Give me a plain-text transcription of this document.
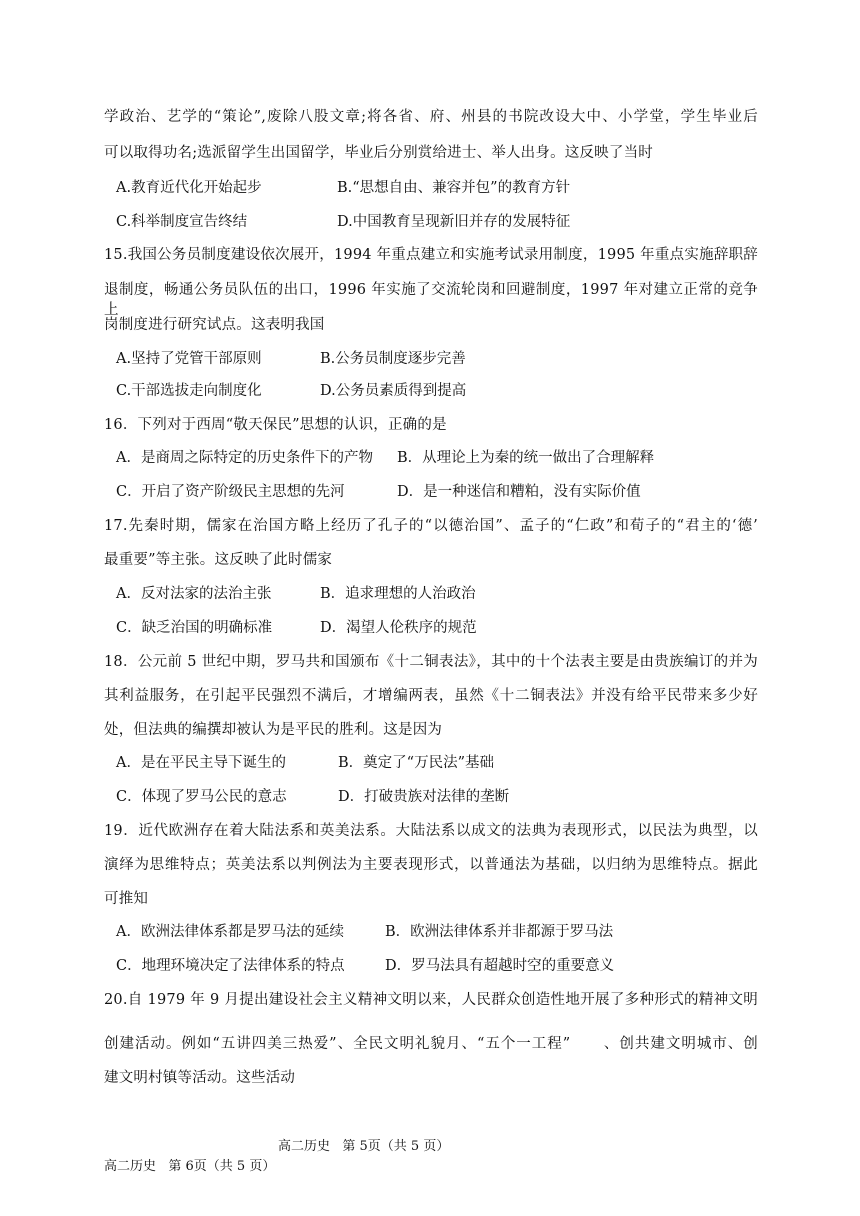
学政治、艺学的“策论”,废除八股文章;将各省、府、州县的书院改设大中、小学堂，学生毕业后
可以取得功名;选派留学生出国留学，毕业后分别赏给进士、举人出身。这反映了当时
A.教育近代化开始起步	B.“思想自由、兼容并包”的教育方针
C.科举制度宣告终结	D.中国教育呈现新旧并存的发展特征
15.我国公务员制度建设依次展开，1994 年重点建立和实施考试录用制度，1995 年重点实施辞职辞
退制度，畅通公务员队伍的出口，1996 年实施了交流轮岗和回避制度，1997 年对建立正常的竞争上
岗制度进行研究试点。这表明我国
A.坚持了党管干部原则	B.公务员制度逐步完善
C.干部选拔走向制度化	D.公务员素质得到提高
16．下列对于西周“敬天保民”思想的认识，正确的是
A．是商周之际特定的历史条件下的产物 B．从理论上为秦的统一做出了合理解释
C．开启了资产阶级民主思想的先河	D．是一种迷信和糟粕，没有实际价值
17.先秦时期，儒家在治国方略上经历了孔子的“以德治国”、孟子的“仁政”和荀子的“君主的‘德’
最重要”等主张。这反映了此时儒家
A．反对法家的法治主张	B．追求理想的人治政治
C．缺乏治国的明确标准	D．渴望人伦秩序的规范
18．公元前 5 世纪中期，罗马共和国颁布《十二铜表法》，其中的十个法表主要是由贵族编订的并为
其利益服务，在引起平民强烈不满后，才增编两表，虽然《十二铜表法》并没有给平民带来多少好
处，但法典的编撰却被认为是平民的胜利。这是因为
A．是在平民主导下诞生的	B．奠定了“万民法”基础
C．体现了罗马公民的意志	D．打破贵族对法律的垄断
19．近代欧洲存在着大陆法系和英美法系。大陆法系以成文的法典为表现形式，以民法为典型，以
演绎为思维特点；英美法系以判例法为主要表现形式，以普通法为基础，以归纳为思维特点。据此
可推知
A．欧洲法律体系都是罗马法的延续	B．欧洲法律体系并非都源于罗马法
C．地理环境决定了法律体系的特点	D．罗马法具有超越时空的重要意义
20.自 1979 年 9 月提出建设社会主义精神文明以来，人民群众创造性地开展了多种形式的精神文明
创建活动。例如“五讲四美三热爱”、全民文明礼貌月、“五个一工程”      、创共建文明城市、创
建文明村镇等活动。这些活动
高二历史   第 5页（共 5 页）
高二历史   第 6页（共 5 页）
